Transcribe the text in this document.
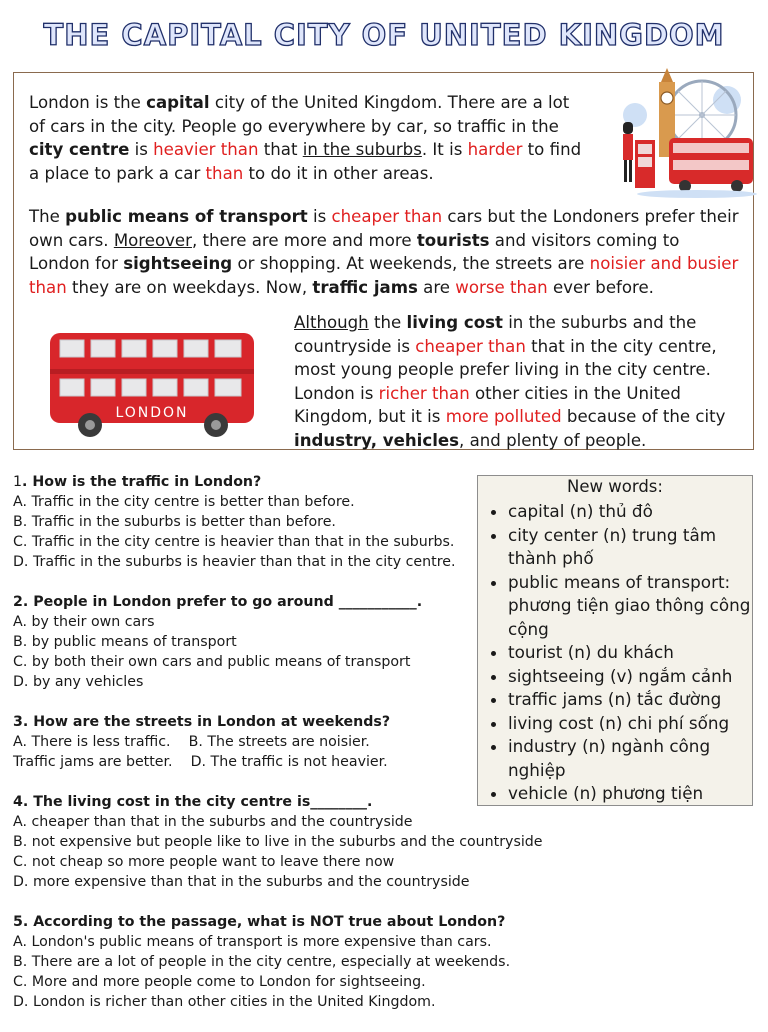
THE CAPITAL CITY OF UNITED KINGDOM

London is the capital city of the United Kingdom. There are a lot of cars in the city. People go everywhere by car, so traffic in the city centre is heavier than that in the suburbs. It is harder to find a place to park a car than to do it in other areas.

The public means of transport is cheaper than cars but the Londoners prefer their own cars. Moreover, there are more and more tourists and visitors coming to London for sightseeing or shopping. At weekends, the streets are noisier and busier than they are on weekdays. Now, traffic jams are worse than ever before.

Although the living cost in the suburbs and the countryside is cheaper than that in the city centre, most young people prefer living in the city centre. London is richer than other cities in the United Kingdom, but it is more polluted because of the city industry, vehicles, and plenty of people.

LONDON
1. How is the traffic in London?
A. Traffic in the city centre is better than before.
B. Traffic in the suburbs is better than before.
C. Traffic in the city centre is heavier than that in the suburbs.
D. Traffic in the suburbs is heavier than that in the city centre.
2. People in London prefer to go around ___________.
A. by their own cars
B. by public means of transport
C. by both their own cars and public means of transport
D. by any vehicles
3. How are the streets in London at weekends?
A. There is less traffic.    B. The streets are noisier.
Traffic jams are better.    D. The traffic is not heavier.
4. The living cost in the city centre is________.
A. cheaper than that in the suburbs and the countryside
B. not expensive but people like to live in the suburbs and the countryside
C. not cheap so more people want to leave there now
D. more expensive than that in the suburbs and the countryside
5. According to the passage, what is NOT true about London?
A. London's public means of transport is more expensive than cars.
B. There are a lot of people in the city centre, especially at weekends.
C. More and more people come to London for sightseeing.
D. London is richer than other cities in the United Kingdom.
New words:
• capital (n) thủ đô
• city center (n) trung tâm thành phố
• public means of transport: phương tiện giao thông công cộng
• tourist (n) du khách
• sightseeing (v) ngắm cảnh
• traffic jams (n) tắc đường
• living cost (n) chi phí sống
• industry (n) ngành công nghiệp
• vehicle (n) phương tiện
